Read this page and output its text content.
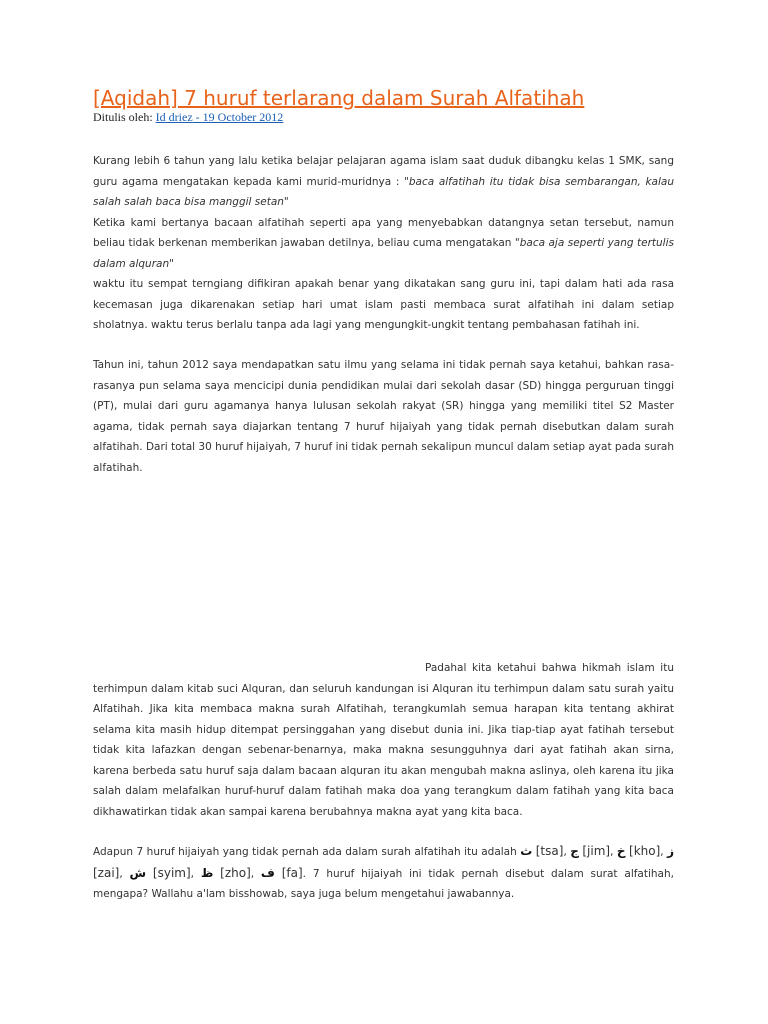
[Aqidah] 7 huruf terlarang dalam Surah Alfatihah
Ditulis oleh: Id driez - 19 October 2012

Kurang lebih 6 tahun yang lalu ketika belajar pelajaran agama islam saat duduk dibangku kelas 1 SMK, sang guru agama mengatakan kepada kami murid-muridnya : "baca alfatihah itu tidak bisa sembarangan, kalau salah salah baca bisa manggil setan"
Ketika kami bertanya bacaan alfatihah seperti apa yang menyebabkan datangnya setan tersebut, namun beliau tidak berkenan memberikan jawaban detilnya, beliau cuma mengatakan "baca aja seperti yang tertulis dalam alquran"
waktu itu sempat terngiang difikiran apakah benar yang dikatakan sang guru ini, tapi dalam hati ada rasa kecemasan juga dikarenakan setiap hari umat islam pasti membaca surat alfatihah ini dalam setiap sholatnya. waktu terus berlalu tanpa ada lagi yang mengungkit-ungkit tentang pembahasan fatihah ini.

Tahun ini, tahun 2012 saya mendapatkan satu ilmu yang selama ini tidak pernah saya ketahui, bahkan rasa-rasanya pun selama saya mencicipi dunia pendidikan mulai dari sekolah dasar (SD) hingga perguruan tinggi (PT), mulai dari guru agamanya hanya lulusan sekolah rakyat (SR) hingga yang memiliki titel S2 Master agama, tidak pernah saya diajarkan tentang 7 huruf hijaiyah yang tidak pernah disebutkan dalam surah alfatihah. Dari total 30 huruf hijaiyah, 7 huruf ini tidak pernah sekalipun muncul dalam setiap ayat pada surah alfatihah.

Padahal kita ketahui bahwa hikmah islam itu terhimpun dalam kitab suci Alquran, dan seluruh kandungan isi Alquran itu terhimpun dalam satu surah yaitu Alfatihah. Jika kita membaca makna surah Alfatihah, terangkumlah semua harapan kita tentang akhirat selama kita masih hidup ditempat persinggahan yang disebut dunia ini. Jika tiap-tiap ayat fatihah tersebut tidak kita lafazkan dengan sebenar-benarnya, maka makna sesungguhnya dari ayat fatihah akan sirna, karena berbeda satu huruf saja dalam bacaan alquran itu akan mengubah makna aslinya, oleh karena itu jika salah dalam melafalkan huruf-huruf dalam fatihah maka doa yang terangkum dalam fatihah yang kita baca dikhawatirkan tidak akan sampai karena berubahnya makna ayat yang kita baca.

Adapun 7 huruf hijaiyah yang tidak pernah ada dalam surah alfatihah itu adalah ث [tsa], ج [jim], خ [kho], ز [zai], ش [syim], ظ [zho], ف [fa]. 7 huruf hijaiyah ini tidak pernah disebut dalam surat alfatihah, mengapa? Wallahu a'lam bisshowab, saya juga belum mengetahui jawabannya.
